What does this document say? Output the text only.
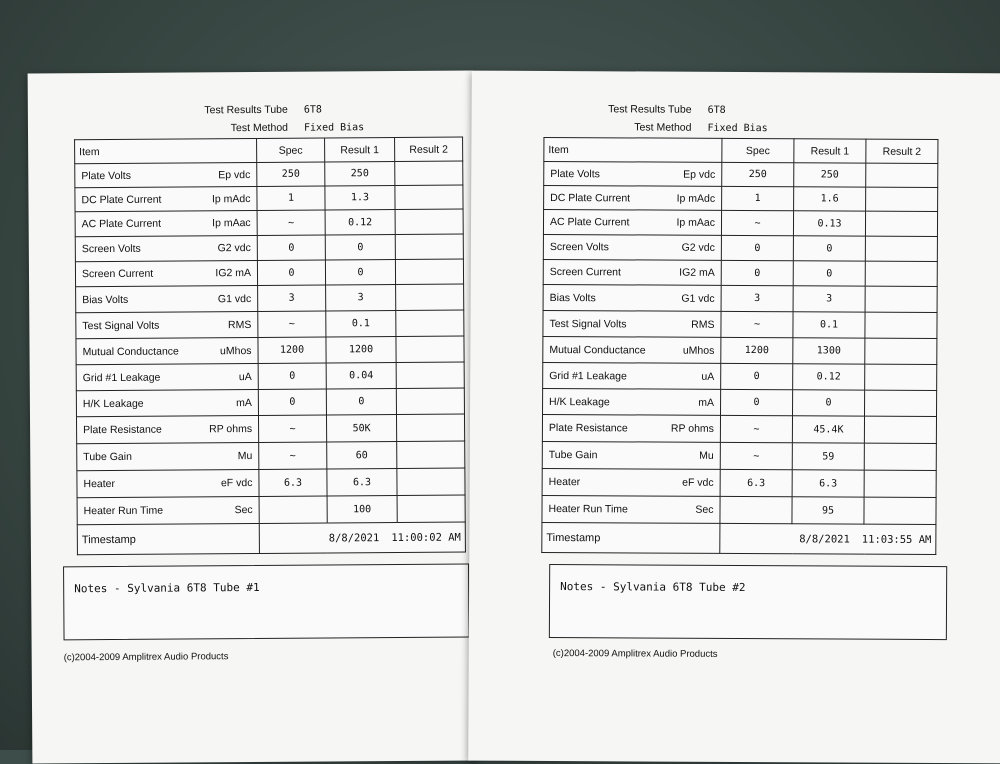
Test Results Tube 6T8
Test Method Fixed Bias
Item	Spec	Result 1	Result 2

Plate Volts Ep vdc	250	250	

DC Plate Current Ip mAdc	1	1.3	

AC Plate Current Ip mAac	~	0.12	

Screen Volts G2 vdc	0	0	

Screen Current IG2 mA	0	0	

Bias Volts G1 vdc	3	3	

Test Signal Volts RMS	~	0.1	

Mutual Conductance uMhos	1200	1200	

Grid #1 Leakage uA	0	0.04	

H/K Leakage mA	0	0	

Plate Resistance RP ohms	~	50K	

Tube Gain Mu	~	60	

Heater eF vdc	6.3	6.3	

Heater Run Time Sec		100	
Timestamp	8/8/2021 11:00:02 AM		
Notes - Sylvania 6T8 Tube #1
(c)2004-2009 Amplitrex Audio Products
Test Results Tube 6T8
Test Method Fixed Bias
Item	Spec	Result 1	Result 2

Plate Volts Ep vdc	250	250	

DC Plate Current Ip mAdc	1	1.6	

AC Plate Current Ip mAac	~	0.13	

Screen Volts G2 vdc	0	0	

Screen Current IG2 mA	0	0	

Bias Volts G1 vdc	3	3	

Test Signal Volts RMS	~	0.1	

Mutual Conductance uMhos	1200	1300	

Grid #1 Leakage uA	0	0.12	

H/K Leakage mA	0	0	

Plate Resistance RP ohms	~	45.4K	

Tube Gain Mu	~	59	

Heater eF vdc	6.3	6.3	

Heater Run Time Sec		95	
Timestamp	8/8/2021 11:03:55 AM		
Notes - Sylvania 6T8 Tube #2
(c)2004-2009 Amplitrex Audio Products
